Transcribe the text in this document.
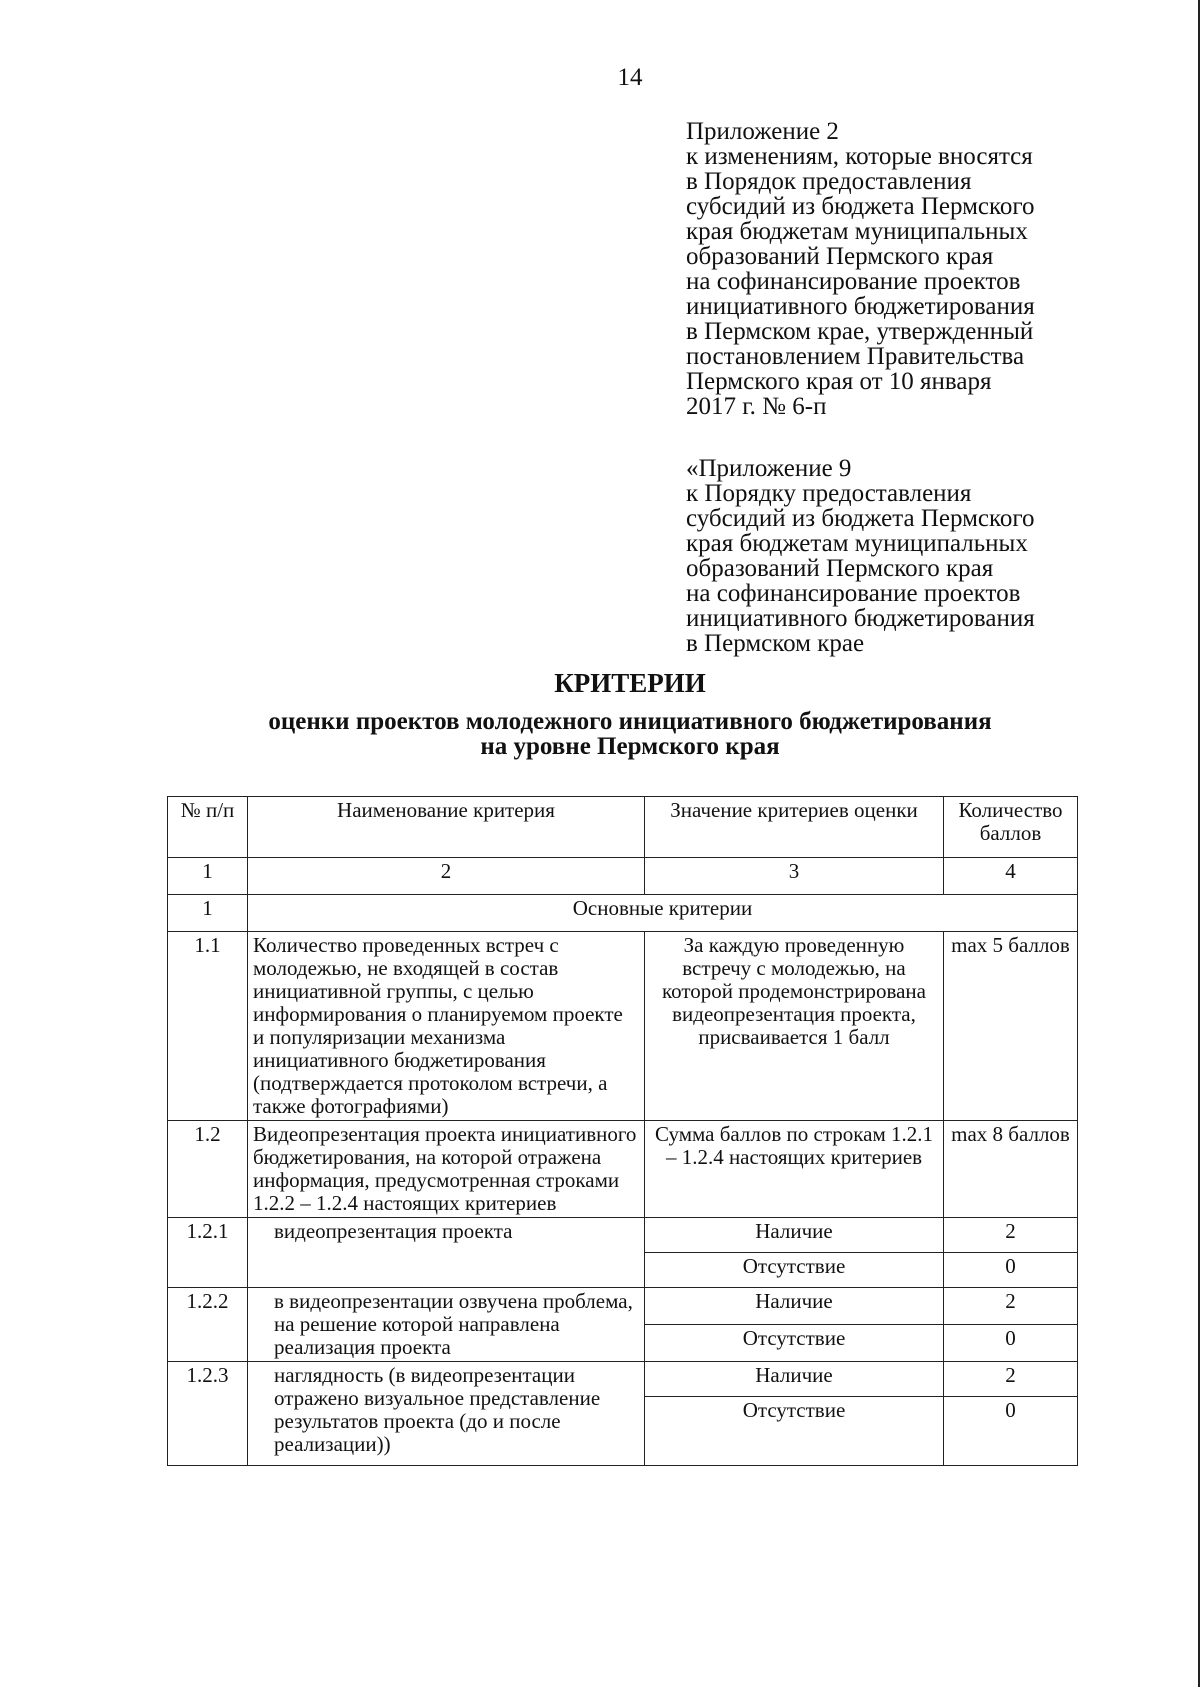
14
Приложение 2
к изменениям, которые вносятся
в Порядок предоставления
субсидий из бюджета Пермского
края бюджетам муниципальных
образований Пермского края
на софинансирование проектов
инициативного бюджетирования
в Пермском крае, утвержденный
постановлением Правительства
Пермского края от 10 января
2017 г. № 6-п
«Приложение 9
к Порядку предоставления
субсидий из бюджета Пермского
края бюджетам муниципальных
образований Пермского края
на софинансирование проектов
инициативного бюджетирования
в Пермском крае
КРИТЕРИИ
оценки проектов молодежного инициативного бюджетирования
на уровне Пермского края
№ п/п	Наименование критерия	Значение критериев оценки	Количество баллов
1	2	3	4
1	Основные критерии		
1.1	Количество проведенных встреч с молодежью, не входящей в состав инициативной группы, с целью информирования о планируемом проекте и популяризации механизма инициативного бюджетирования (подтверждается протоколом встречи, а также фотографиями)	За каждую проведенную встречу с молодежью, на которой продемонстрирована видеопрезентация проекта, присваивается 1 балл	max 5 баллов
1.2	Видеопрезентация проекта инициативного бюджетирования, на которой отражена информация, предусмотренная строками 1.2.2 – 1.2.4 настоящих критериев	Сумма баллов по строкам 1.2.1 – 1.2.4 настоящих критериев	max 8 баллов
1.2.1	видеопрезентация проекта	Наличие	2
		Отсутствие	0
1.2.2	в видеопрезентации озвучена проблема, на решение которой направлена реализация проекта	Наличие	2
		Отсутствие	0
1.2.3	наглядность (в видеопрезентации отражено визуальное представление результатов проекта (до и после реализации))	Наличие	2
		Отсутствие	0
